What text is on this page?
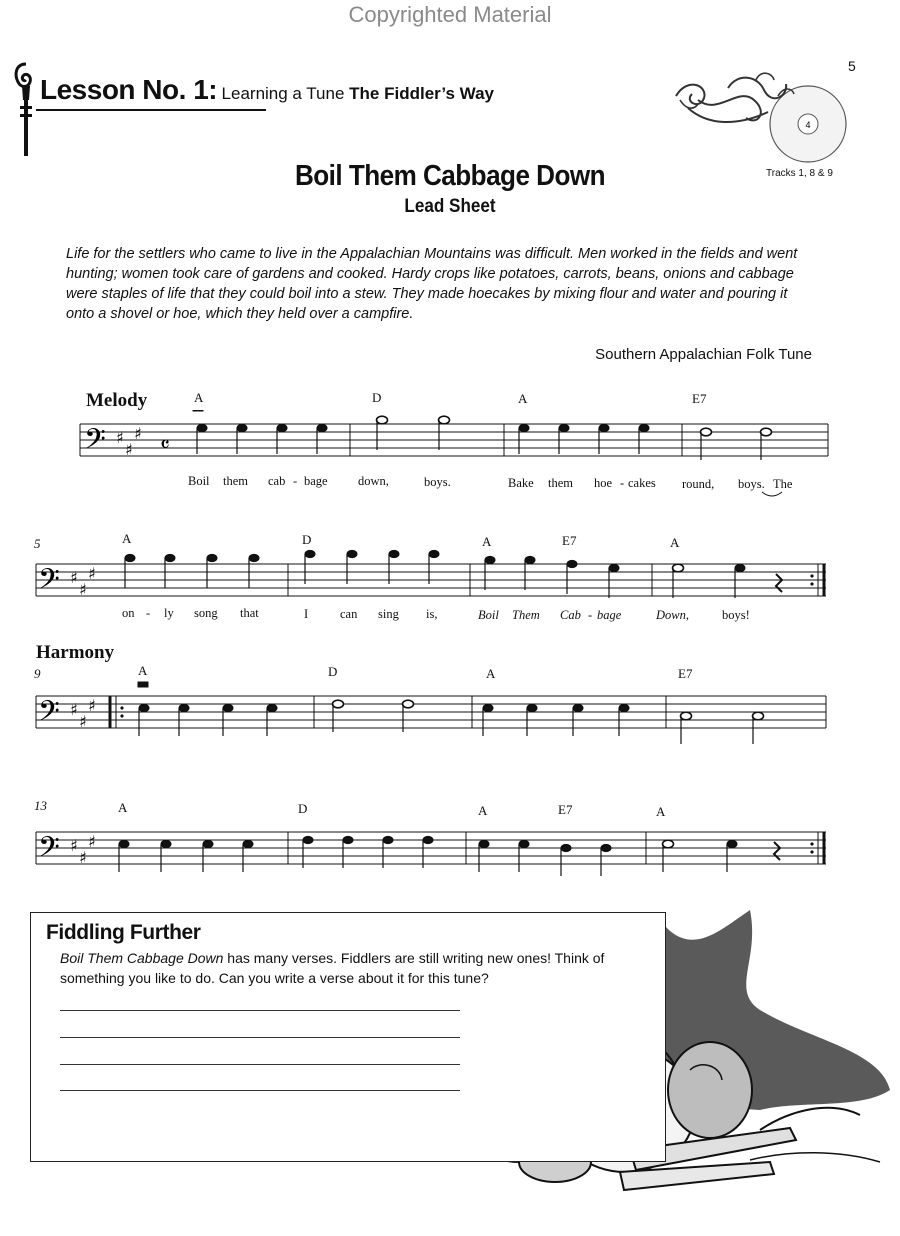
Copyrighted Material
5
Lesson No. 1: Learning a Tune The Fiddler’s Way
4
Tracks 1, 8 & 9
Boil Them Cabbage Down
Lead Sheet
Life for the settlers who came to live in the Appalachian Mountains was difficult. Men worked in the fields and went hunting; women took care of gardens and cooked. Hardy crops like potatoes, carrots, beans, onions and cabbage were staples of life that they could boil into a stew. They made hoecakes by mixing flour and water and pouring it onto a shovel or hoe, which they held over a campfire.
Southern Appalachian Folk Tune
Melody	A	D	A	E7
𝄢 ♯
♯
♯ 𝄴
Boil them cab - bage down,	boys.	Bake them hoe - cakes round, boys. The
5	A	D	A	E7	A
𝄢 ♯
♯
♯
on - ly song that	I	can sing is,	Boil Them Cab - bage	Down,	boys!
Harmony
9	A	D	A	E7
𝄢 ♯
♯
♯
13	A	D	A	E7	A
𝄢 ♯
♯
♯
Fiddling Further
Boil Them Cabbage Down has many verses. Fiddlers are still writing new ones! Think of something you like to do. Can you write a verse about it for this tune?
